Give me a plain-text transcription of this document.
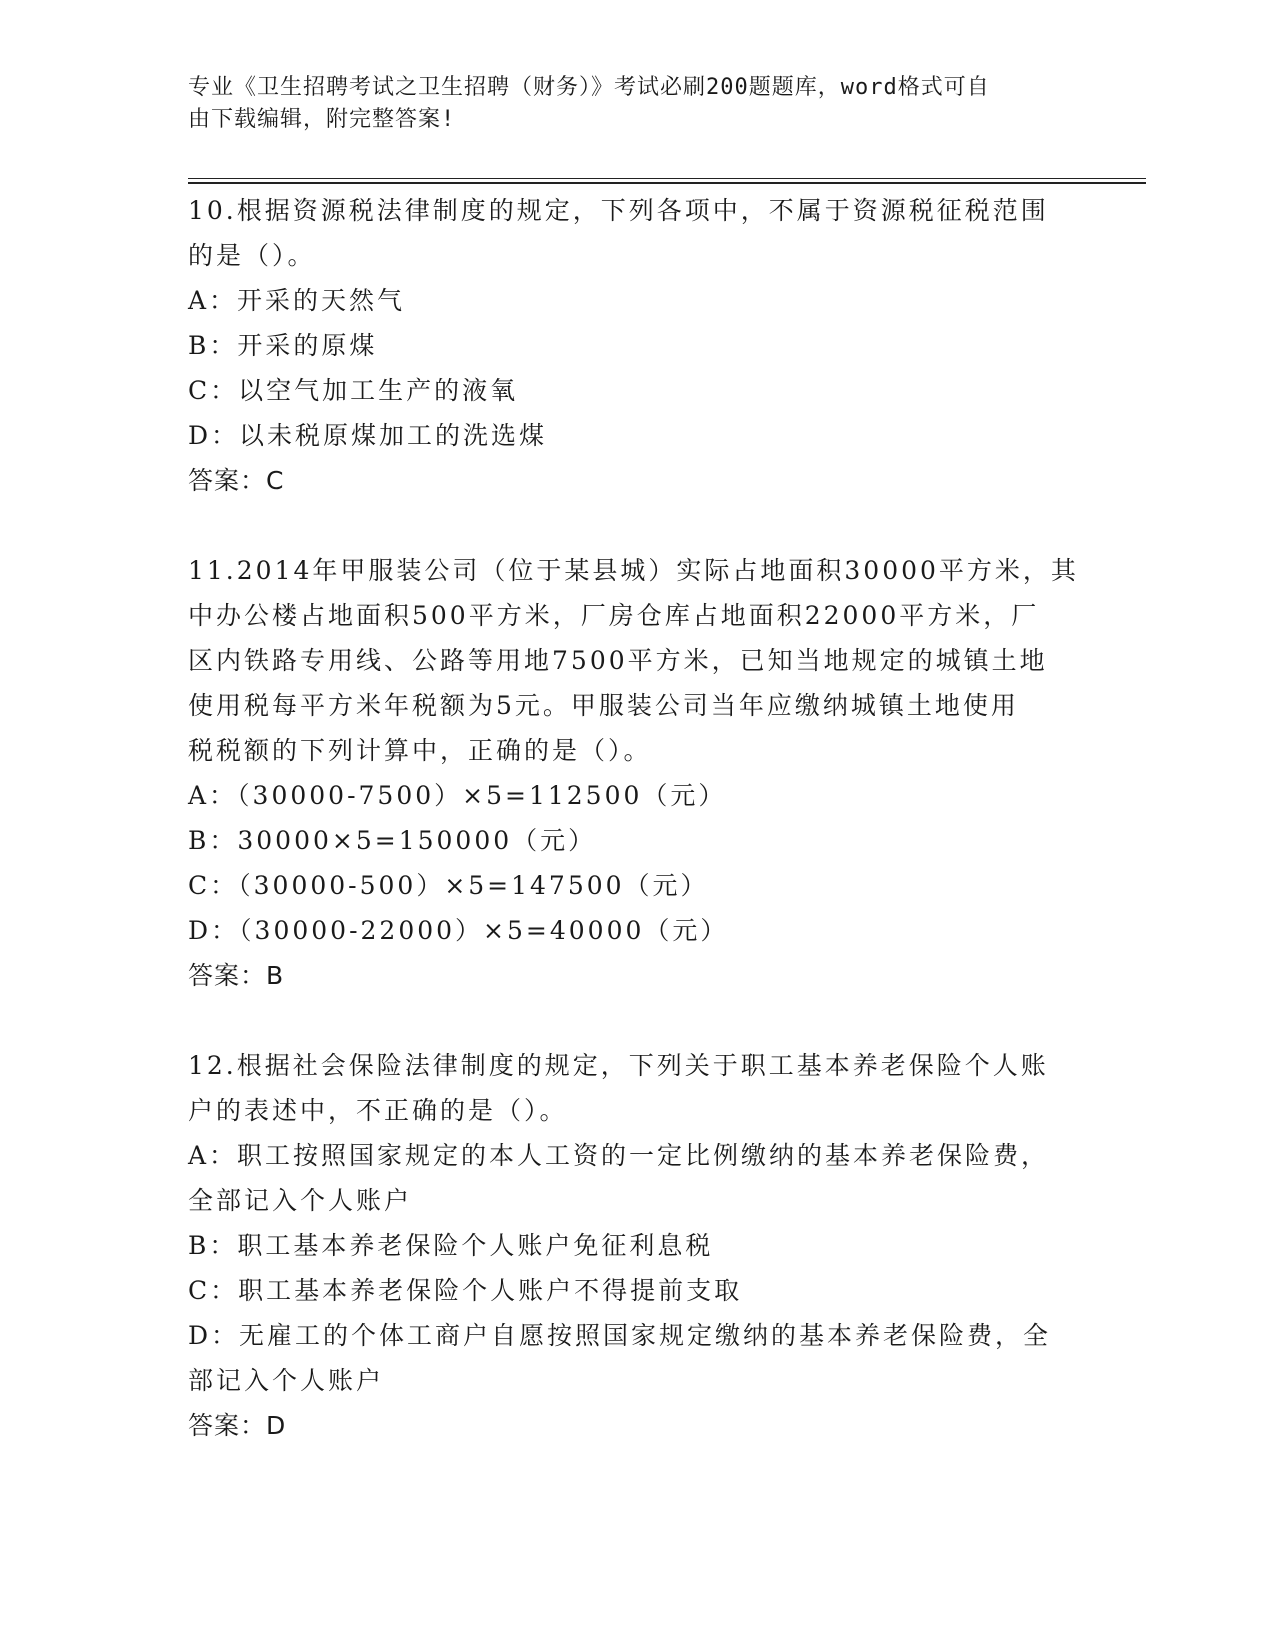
专业《卫生招聘考试之卫生招聘（财务）》考试必刷200题题库，word格式可自
由下载编辑，附完整答案!
10.根据资源税法律制度的规定，下列各项中，不属于资源税征税范围
的是（）。
A：开采的天然气
B：开采的原煤
C：以空气加工生产的液氧
D：以未税原煤加工的洗选煤
答案：C
11.2014年甲服装公司（位于某县城）实际占地面积30000平方米，其
中办公楼占地面积500平方米，厂房仓库占地面积22000平方米，厂
区内铁路专用线、公路等用地7500平方米，已知当地规定的城镇土地
使用税每平方米年税额为5元。甲服装公司当年应缴纳城镇土地使用
税税额的下列计算中，正确的是（）。
A：（30000-7500）×5=112500（元）
B：30000×5=150000（元）
C：（30000-500）×5=147500（元）
D：（30000-22000）×5=40000（元）
答案：B
12.根据社会保险法律制度的规定，下列关于职工基本养老保险个人账
户的表述中，不正确的是（）。
A：职工按照国家规定的本人工资的一定比例缴纳的基本养老保险费，
全部记入个人账户
B：职工基本养老保险个人账户免征利息税
C：职工基本养老保险个人账户不得提前支取
D：无雇工的个体工商户自愿按照国家规定缴纳的基本养老保险费，全
部记入个人账户
答案：D
